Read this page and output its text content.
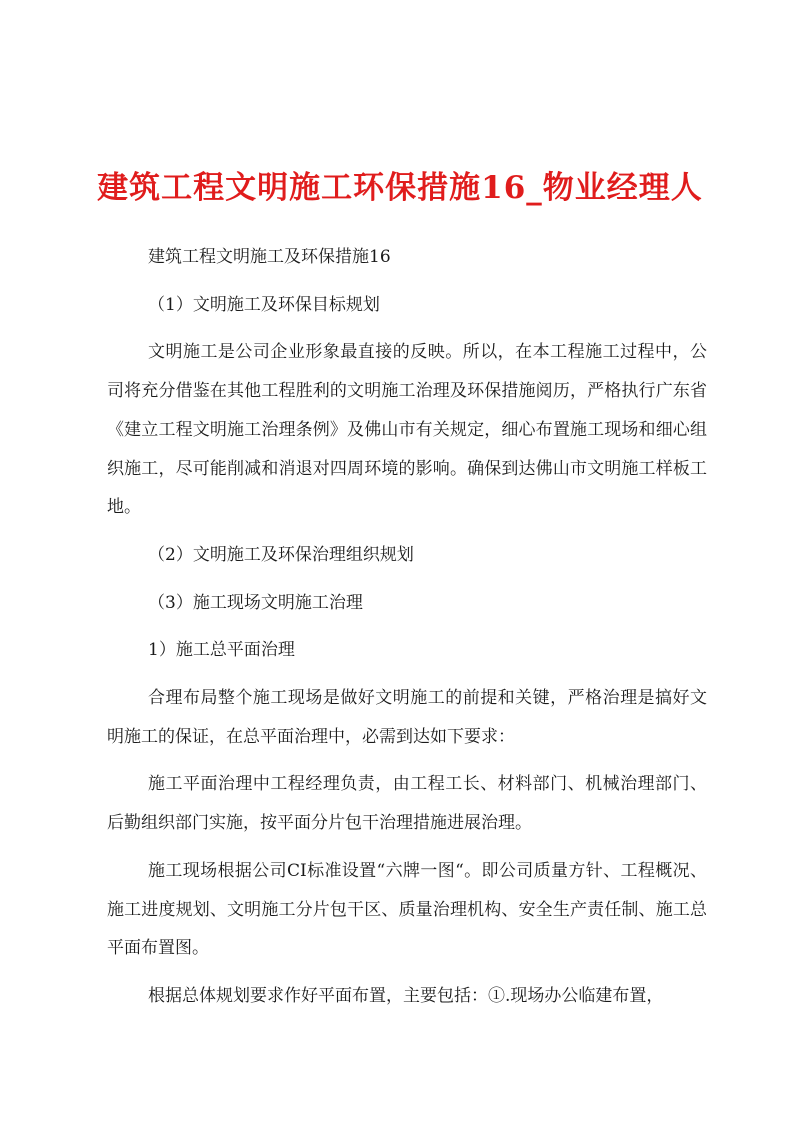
建筑工程文明施工环保措施16_物业经理人

建筑工程文明施工及环保措施16

（1）文明施工及环保目标规划

文明施工是公司企业形象最直接的反映。所以，在本工程施工过程中，公司将充分借鉴在其他工程胜利的文明施工治理及环保措施阅历，严格执行广东省《建立工程文明施工治理条例》及佛山市有关规定，细心布置施工现场和细心组织施工，尽可能削减和消退对四周环境的影响。确保到达佛山市文明施工样板工地。

（2）文明施工及环保治理组织规划

（3）施工现场文明施工治理

1）施工总平面治理

合理布局整个施工现场是做好文明施工的前提和关键，严格治理是搞好文明施工的保证，在总平面治理中，必需到达如下要求：

施工平面治理中工程经理负责，由工程工长、材料部门、机械治理部门、后勤组织部门实施，按平面分片包干治理措施进展治理。

施工现场根据公司CI标准设置“六牌一图“。即公司质量方针、工程概况、施工进度规划、文明施工分片包干区、质量治理机构、安全生产责任制、施工总平面布置图。

根据总体规划要求作好平面布置，主要包括：①.现场办公临建布置，
